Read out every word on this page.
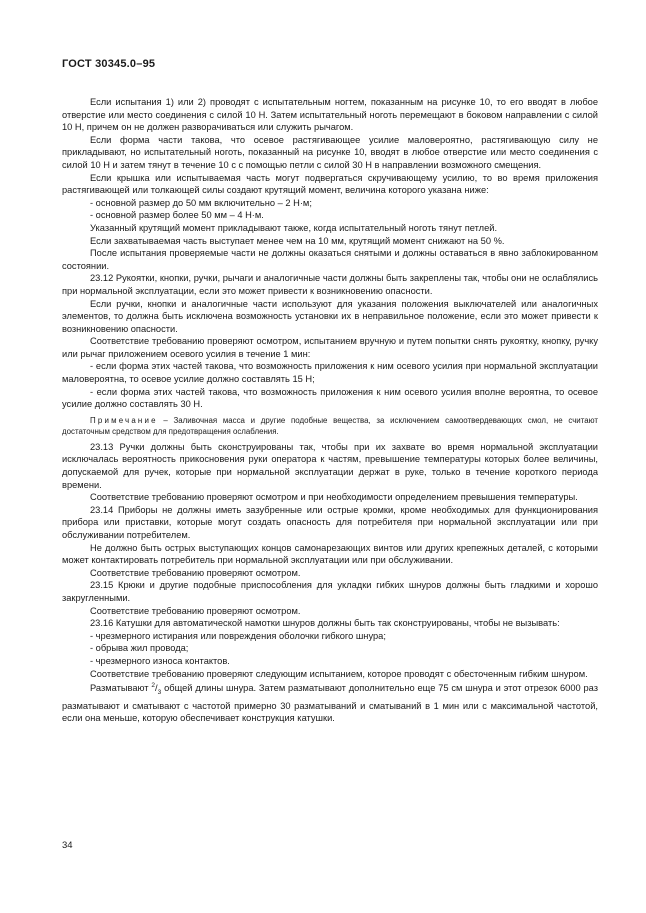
ГОСТ 30345.0–95

Если испытания 1) или 2) проводят с испытательным ногтем, показанным на рисунке 10, то его вводят в любое отверстие или место соединения с силой 10 Н. Затем испытательный ноготь перемещают в боковом направлении с силой 10 Н, причем он не должен разворачиваться или служить рычагом.

Если форма части такова, что осевое растягивающее усилие маловероятно, растягивающую силу не прикладывают, но испытательный ноготь, показанный на рисунке 10, вводят в любое отверстие или место соединения с силой 10 Н и затем тянут в течение 10 с с помощью петли с силой 30 Н в направлении возможного смещения.

Если крышка или испытываемая часть могут подвергаться скручивающему усилию, то во время приложения растягивающей или толкающей силы создают крутящий момент, величина которого указана ниже:

- основной размер до 50 мм включительно – 2 Н·м;

- основной размер более 50 мм – 4 Н·м.

Указанный крутящий момент прикладывают также, когда испытательный ноготь тянут петлей.

Если захватываемая часть выступает менее чем на 10 мм, крутящий момент снижают на 50 %.

После испытания проверяемые части не должны оказаться снятыми и должны оставаться в явно заблокированном состоянии.

23.12 Рукоятки, кнопки, ручки, рычаги и аналогичные части должны быть закреплены так, чтобы они не ослаблялись при нормальной эксплуатации, если это может привести к возникновению опасности.

Если ручки, кнопки и аналогичные части используют для указания положения выключателей или аналогичных элементов, то должна быть исключена возможность установки их в неправильное положение, если это может привести к возникновению опасности.

Соответствие требованию проверяют осмотром, испытанием вручную и путем попытки снять рукоятку, кнопку, ручку или рычаг приложением осевого усилия в течение 1 мин:

- если форма этих частей такова, что возможность приложения к ним осевого усилия при нормальной эксплуатации маловероятна, то осевое усилие должно составлять 15 Н;

- если форма этих частей такова, что возможность приложения к ним осевого усилия вполне вероятна, то осевое усилие должно составлять 30 Н.

Примечание – Заливочная масса и другие подобные вещества, за исключением самоотвердевающих смол, не считают достаточным средством для предотвращения ослабления.

23.13 Ручки должны быть сконструированы так, чтобы при их захвате во время нормальной эксплуатации исключалась вероятность прикосновения руки оператора к частям, превышение температуры которых более величины, допускаемой для ручек, которые при нормальной эксплуатации держат в руке, только в течение короткого периода времени.

Соответствие требованию проверяют осмотром и при необходимости определением превышения температуры.

23.14 Приборы не должны иметь зазубренные или острые кромки, кроме необходимых для функционирования прибора или приставки, которые могут создать опасность для потребителя при нормальной эксплуатации или при обслуживании потребителем.

Не должно быть острых выступающих концов самонарезающих винтов или других крепежных деталей, с которыми может контактировать потребитель при нормальной эксплуатации или при обслуживании.

Соответствие требованию проверяют осмотром.

23.15 Крюки и другие подобные приспособления для укладки гибких шнуров должны быть гладкими и хорошо закругленными.

Соответствие требованию проверяют осмотром.

23.16 Катушки для автоматической намотки шнуров должны быть так сконструированы, чтобы не вызывать:

- чрезмерного истирания или повреждения оболочки гибкого шнура;

- обрыва жил провода;

- чрезмерного износа контактов.

Соответствие требованию проверяют следующим испытанием, которое проводят с обесточенным гибким шнуром.

Разматывают $^2/_3$ общей длины шнура. Затем разматывают дополнительно еще 75 см шнура и этот отрезок 6000 раз разматывают и сматывают с частотой примерно 30 разматываний и сматываний в 1 мин или с максимальной частотой, если она меньше, которую обеспечивает конструкция катушки.

34
